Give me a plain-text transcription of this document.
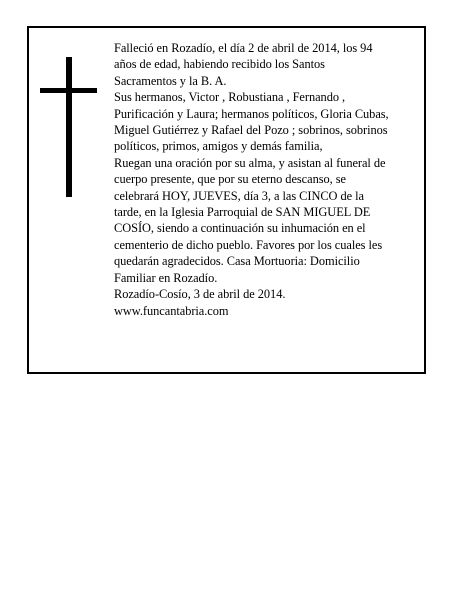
Falleció en Rozadío, el día 2 de abril de 2014, los 94
años de edad, habiendo recibido los Santos
Sacramentos y la B. A.
Sus hermanos, Victor , Robustiana , Fernando ,
Purificación y Laura; hermanos políticos, Gloria Cubas,
Miguel Gutiérrez y Rafael del Pozo ; sobrinos, sobrinos
políticos, primos, amigos y demás familia,
Ruegan una oración por su alma, y asistan al funeral de
cuerpo presente, que por su eterno descanso, se
celebrará HOY, JUEVES, día 3, a las CINCO de la
tarde, en la Iglesia Parroquial de SAN MIGUEL DE
COSÍO, siendo a continuación su inhumación en el
cementerio de dicho pueblo. Favores por los cuales les
quedarán agradecidos. Casa Mortuoria: Domicilio
Familiar en Rozadío.
Rozadío-Cosío, 3 de abril de 2014.
www.funcantabria.com
